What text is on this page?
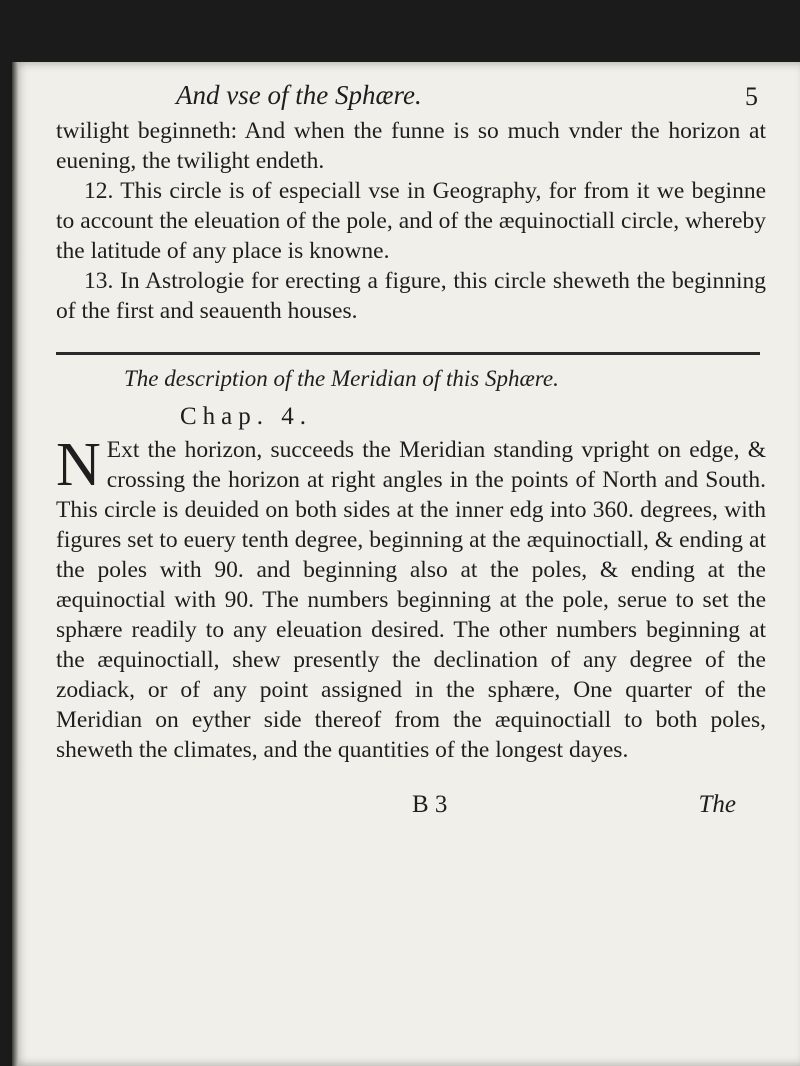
And vse of the Sphære.	5

twilight beginneth: And when the funne is so much vnder the horizon at euening, the twilight endeth.

12. This circle is of especiall vse in Geography, for from it we beginne to account the eleuation of the pole, and of the æquinoctiall circle, whereby the latitude of any place is knowne.

13. In Astrologie for erecting a figure, this circle sheweth the beginning of the first and seauenth houses.

The description of the Meridian of this Sphære.
Chap. 4.

N Ext the horizon, succeeds the Meridian standing vpright on edge, & crossing the horizon at right angles in the points of North and South. This circle is deuided on both sides at the inner edg into 360. degrees, with figures set to euery tenth degree, beginning at the æquinoctiall, & ending at the poles with 90. and beginning also at the poles, & ending at the æquinoctial with 90. The numbers beginning at the pole, serue to set the sphære readily to any eleuation desired. The other numbers beginning at the æquinoctiall, shew presently the declination of any degree of the zodiack, or of any point assigned in the sphære, One quarter of the Meridian on eyther side thereof from the æquinoctiall to both poles, sheweth the climates, and the quantities of the longest dayes.

B 3	The
